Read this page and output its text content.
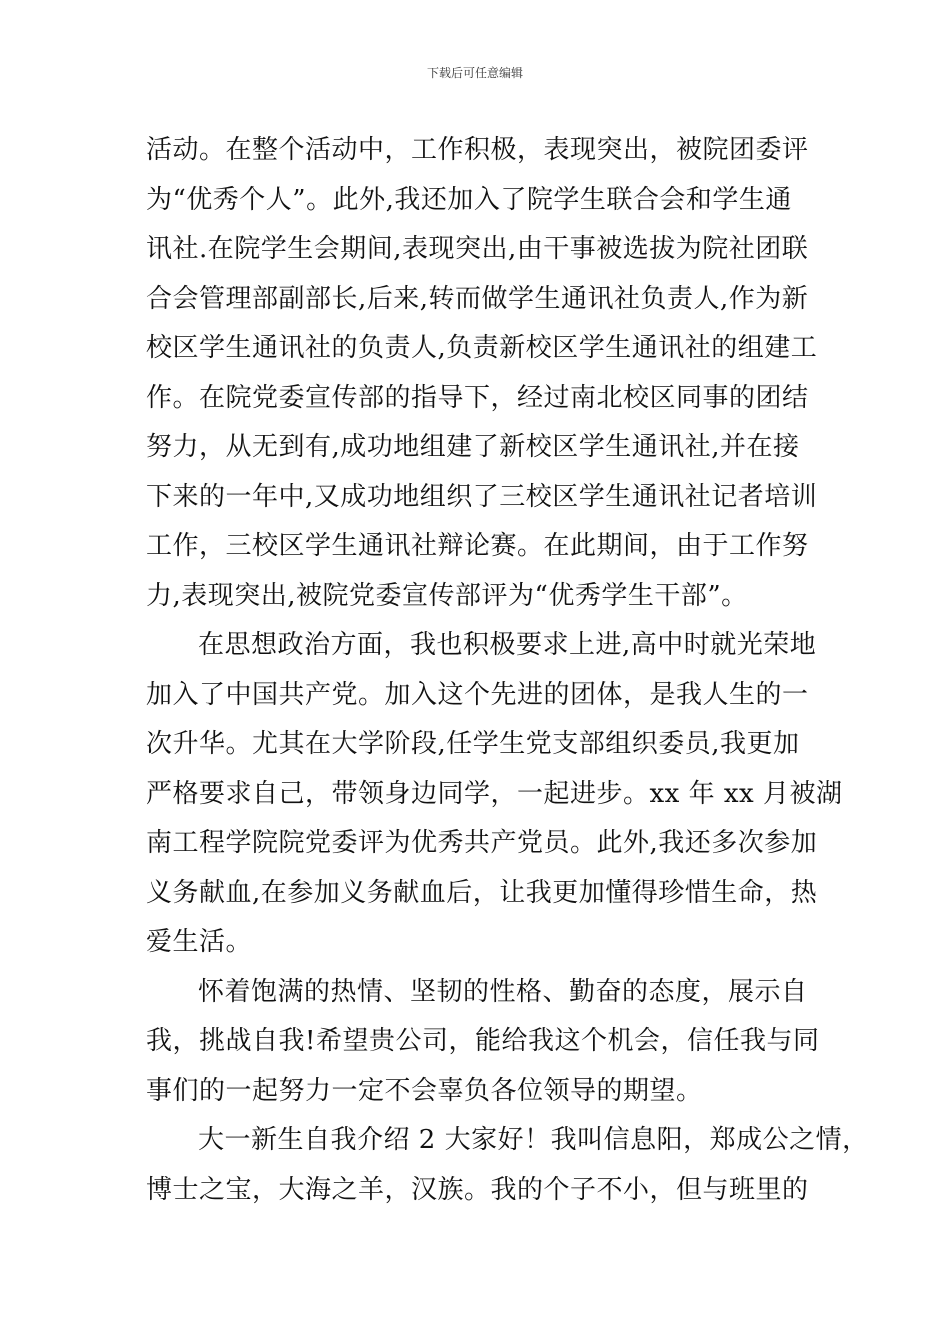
下载后可任意编辑
活动。在整个活动中，工作积极，表现突出，被院团委评
为“优秀个人”。此外,我还加入了院学生联合会和学生通
讯社.在院学生会期间,表现突出,由干事被选拔为院社团联
合会管理部副部长,后来,转而做学生通讯社负责人,作为新
校区学生通讯社的负责人,负责新校区学生通讯社的组建工
作。在院党委宣传部的指导下，经过南北校区同事的团结
努力，从无到有,成功地组建了新校区学生通讯社,并在接
下来的一年中,又成功地组织了三校区学生通讯社记者培训
工作，三校区学生通讯社辩论赛。在此期间，由于工作努
力,表现突出,被院党委宣传部评为“优秀学生干部”。
在思想政治方面，我也积极要求上进,高中时就光荣地
加入了中国共产党。加入这个先进的团体，是我人生的一
次升华。尤其在大学阶段,任学生党支部组织委员,我更加
严格要求自己，带领身边同学，一起进步。xx 年 xx 月被湖
南工程学院院党委评为优秀共产党员。此外,我还多次参加
义务献血,在参加义务献血后，让我更加懂得珍惜生命，热
爱生活。
怀着饱满的热情、坚韧的性格、勤奋的态度，展示自
我，挑战自我!希望贵公司，能给我这个机会，信任我与同
事们的一起努力一定不会辜负各位领导的期望。
大一新生自我介绍 2 大家好！我叫信息阳，郑成公之情，
博士之宝，大海之羊，汉族。我的个子不小，但与班里的
